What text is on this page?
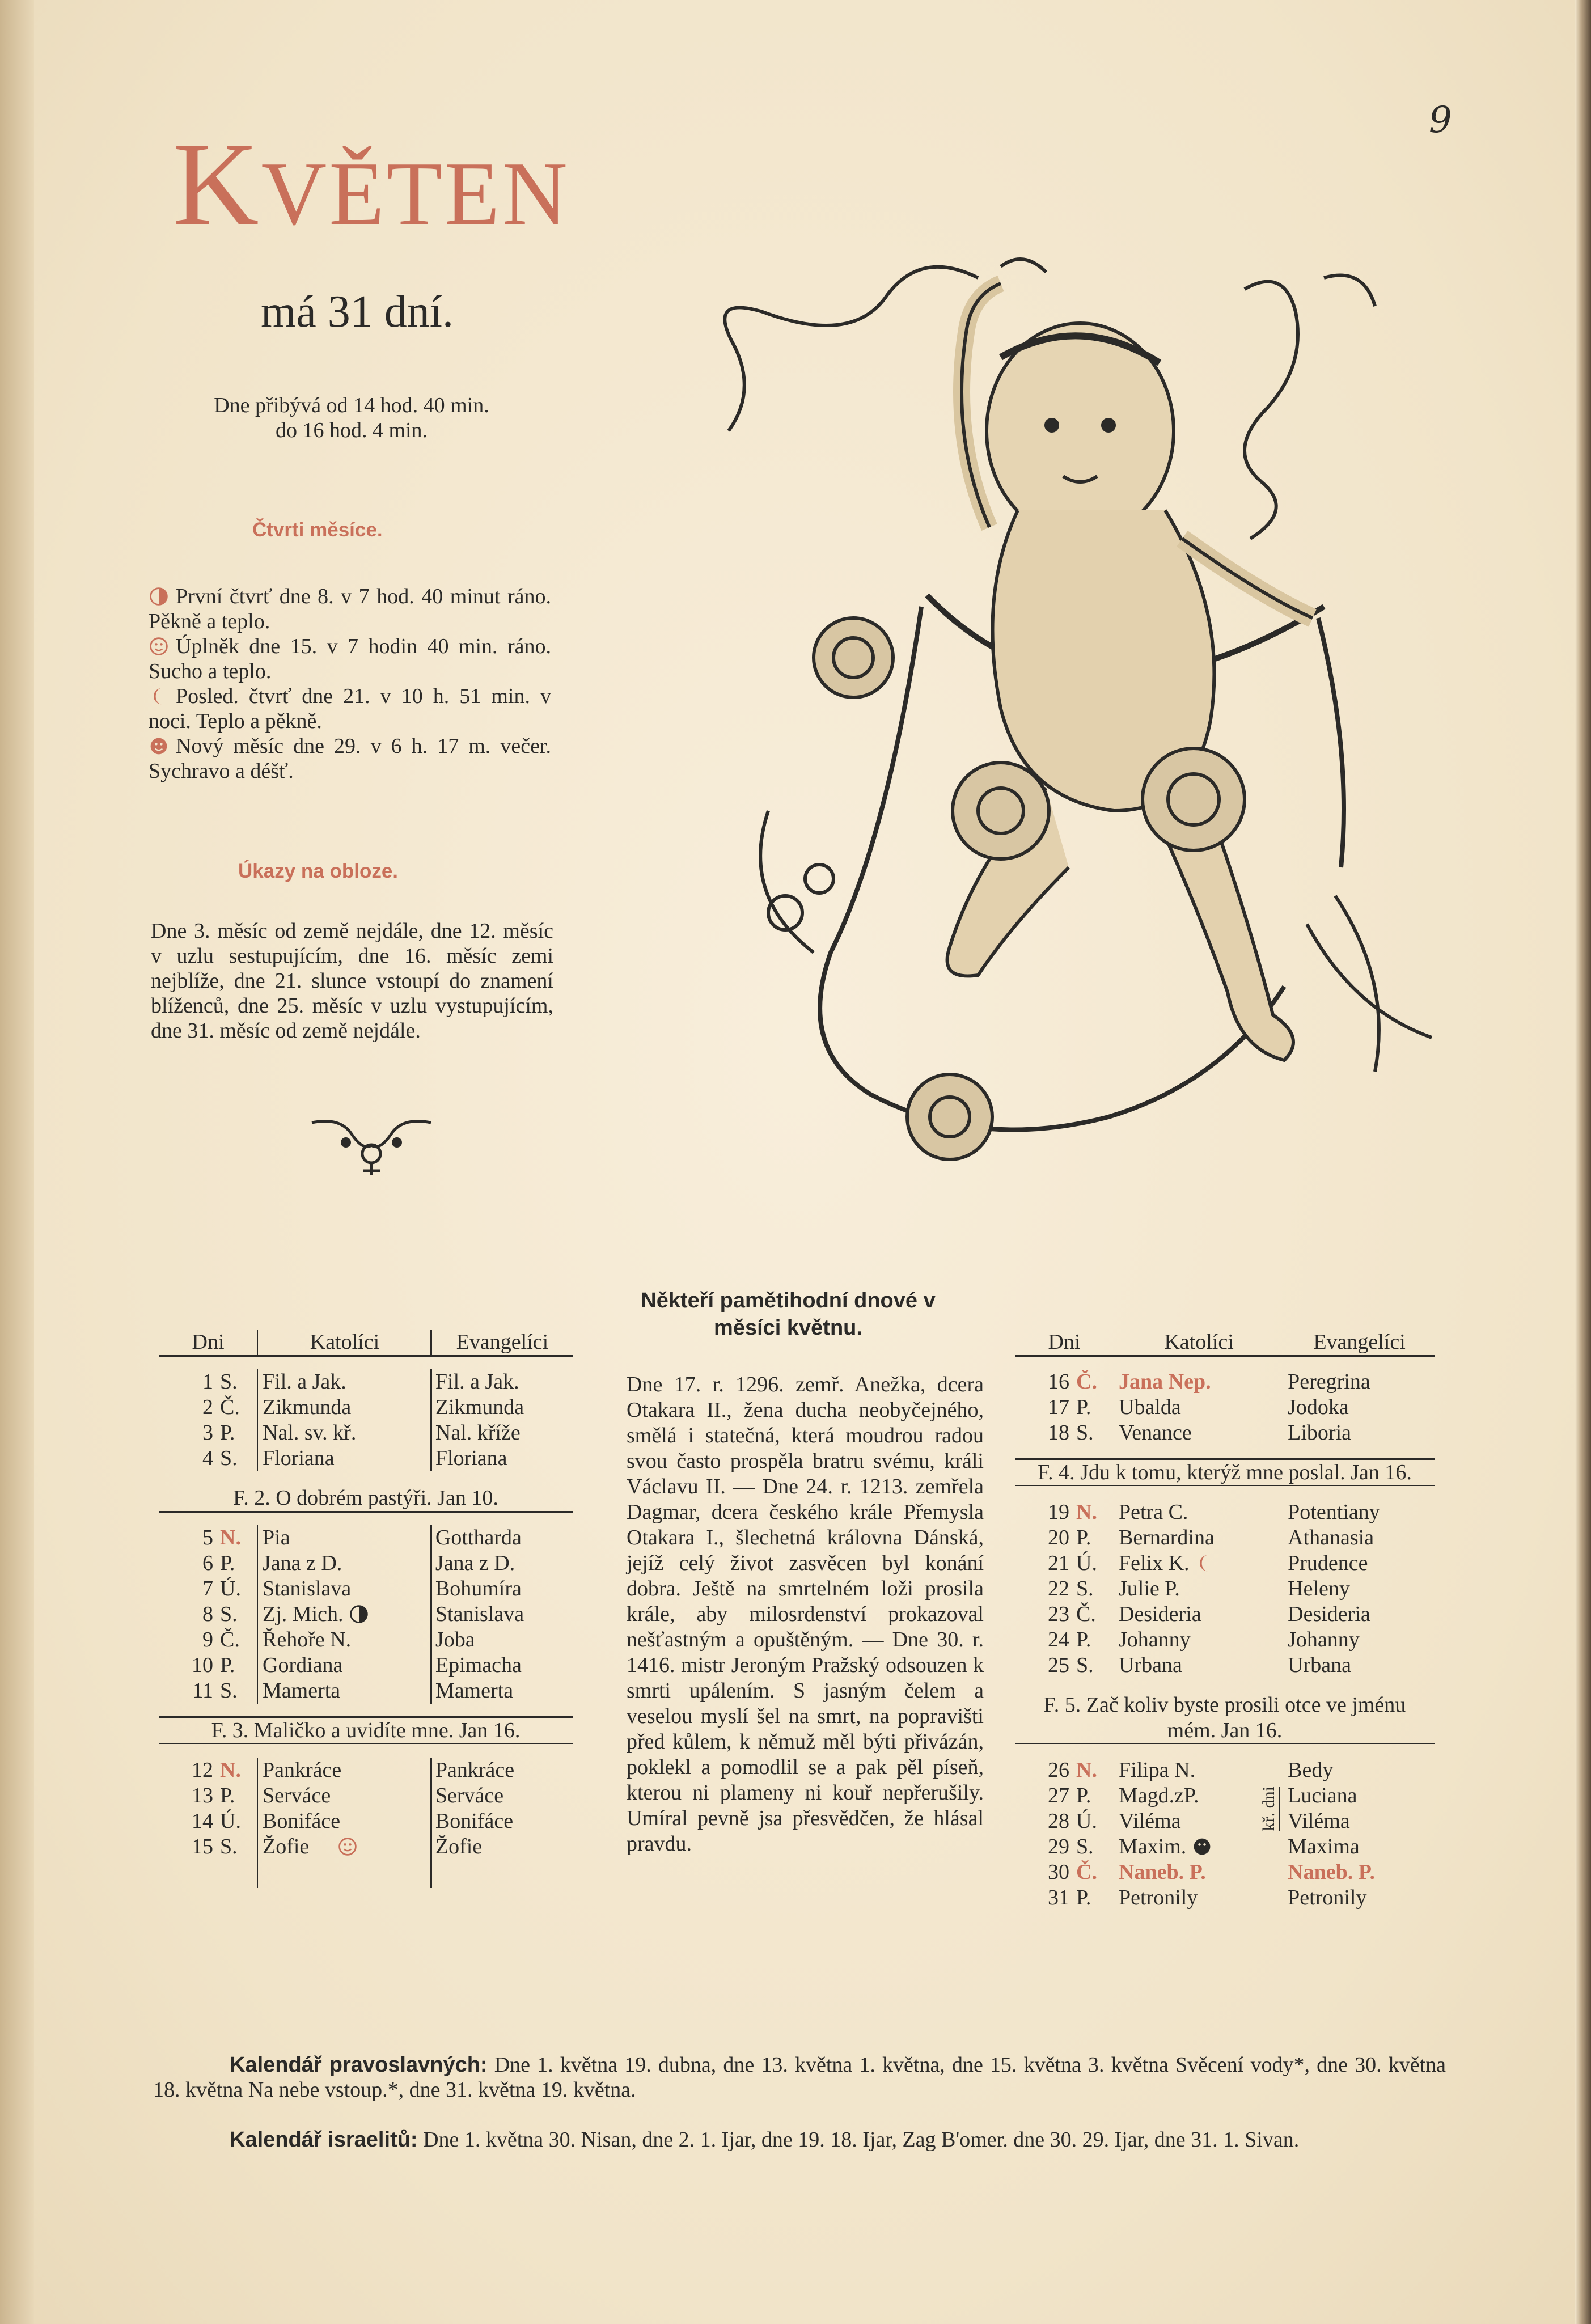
9
KVĚTEN
má 31 dní.
Dne přibývá od 14 hod. 40 min.
do 16 hod. 4 min.
Čtvrti měsíce.

První čtvrť dne 8. v 7 hod. 40 minut ráno. Pěkně a teplo.

Úplněk dne 15. v 7 hodin 40 min. ráno. Sucho a teplo.

Posled. čtvrť dne 21. v 10 h. 51 min. v noci. Teplo a pěkně.

Nový měsíc dne 29. v 6 h. 17 m. večer. Sychravo a déšť.

Úkazy na obloze.
Dne 3. měsíc od země nejdále, dne 12. měsíc v uzlu sestupujícím, dne 16. měsíc zemi nejblíže, dne 21. slunce vstoupí do znamení blíženců, dne 25. měsíc v uzlu vystupujícím, dne 31. měsíc od země nejdále.
Dni		Katolíci	Evangelíci

1	S.	Fil. a Jak.	Fil. a Jak.
2	Č.	Zikmunda	Zikmunda
3	P.	Nal. sv. kř.	Nal. kříže
4	S.	Floriana	Floriana

F. 2. O dobrém pastýři. Jan 10.			

5	N.	Pia	Gottharda
6	P.	Jana z D.	Jana z D.
7	Ú.	Stanislava	Bohumíra
8	S.	Zj. Mich.	Stanislava
9	Č.	Řehoře N.	Joba
10	P.	Gordiana	Epimacha
11	S.	Mamerta	Mamerta

F. 3. Maličko a uvidíte mne. Jan 16.			

12	N.	Pankráce	Pankráce
13	P.	Serváce	Serváce
14	Ú.	Bonifáce	Bonifáce
15	S.	Žofie	Žofie

Někteří pamětihodní dnové v měsíci květnu.
Dne 17. r. 1296. zemř. Anežka, dcera Otakara II., žena ducha neobyčejného, smělá i statečná, která moudrou radou svou často prospěla bratru svému, králi Václavu II. — Dne 24. r. 1213. zemřela Dagmar, dcera českého krále Přemysla Otakara I., šlechetná královna Dánská, jejíž celý život zasvěcen byl konání dobra. Ještě na smrtelném loži prosila krále, aby milosrdenství prokazoval nešťastným a opuštěným. — Dne 30. r. 1416. mistr Jeroným Pražský odsouzen k smrti upálením. S jasným čelem a veselou myslí šel na smrt, na popravišti před kůlem, k němuž měl býti přivázán, poklekl a pomodlil se a pak pěl píseň, kterou ni plameny ni kouř nepřerušily. Umíral pevně jsa přesvědčen, že hlásal pravdu.
Dni		Katolíci	Evangelíci

16	Č.	Jana Nep.	Peregrina
17	P.	Ubalda	Jodoka
18	S.	Venance	Liboria

F. 4. Jdu k tomu, kterýž mne poslal. Jan 16.			

19	N.	Petra C.	Potentiany
20	P.	Bernardina	Athanasia
21	Ú.	Felix K.	Prudence
22	S.	Julie P.	Heleny
23	Č.	Desideria	Desideria
24	P.	Johanny	Johanny
25	S.	Urbana	Urbana

F. 5. Zač koliv byste prosili otce ve jménu mém. Jan 16.			

26	N.	Filipa N.	Bedy
27	P.	Magd.zP. kř. dni	Luciana
28	Ú.	Viléma	Viléma
29	S.	Maxim.	Maxima
30	Č.	Naneb. P.	Naneb. P.
31	P.	Petronily	Petronily

Kalendář pravoslavných: Dne 1. května 19. dubna, dne 13. května 1. května, dne 15. května 3. května Svěcení vody*, dne 30. května 18. května Na nebe vstoup.*, dne 31. května 19. května.
Kalendář israelitů: Dne 1. května 30. Nisan, dne 2. 1. Ijar, dne 19. 18. Ijar, Zag B'omer. dne 30. 29. Ijar, dne 31. 1. Sivan.
